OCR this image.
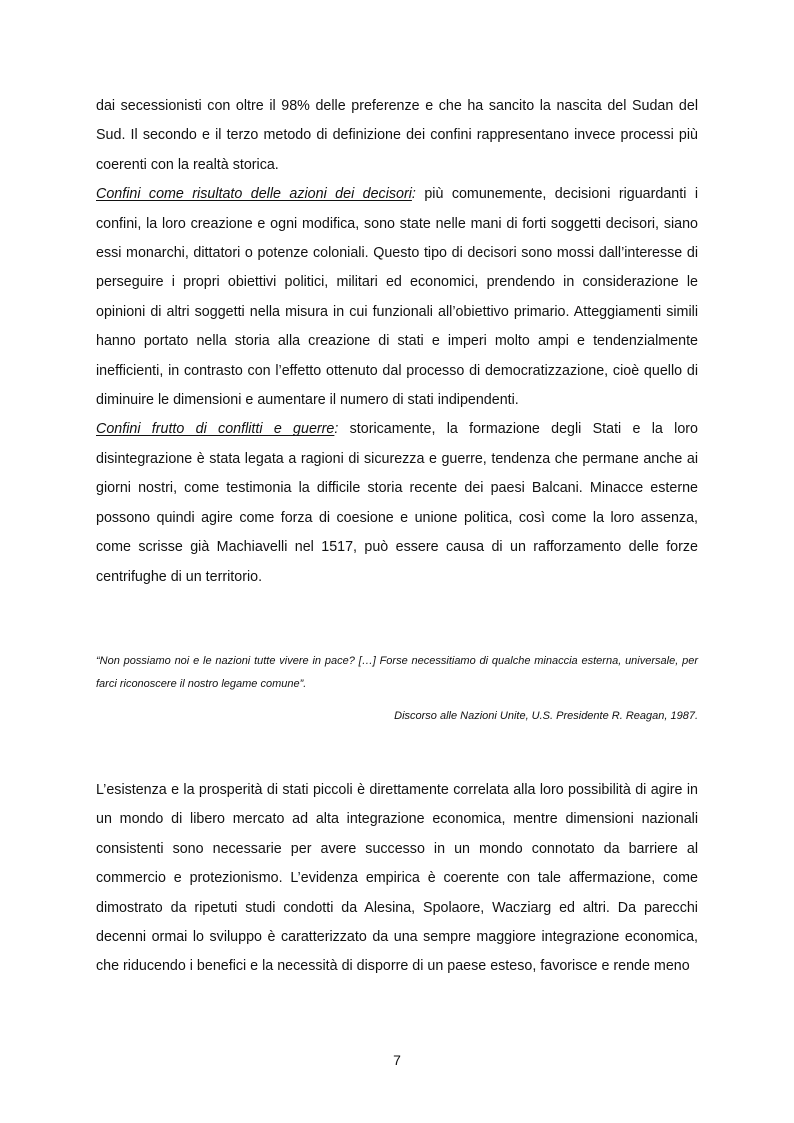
dai secessionisti con oltre il 98% delle preferenze e che ha sancito la nascita del Sudan del Sud. Il secondo e il terzo metodo di definizione dei confini rappresentano invece processi più coerenti con la realtà storica.

Confini come risultato delle azioni dei decisori: più comunemente, decisioni riguardanti i confini, la loro creazione e ogni modifica, sono state nelle mani di forti soggetti decisori, siano essi monarchi, dittatori o potenze coloniali. Questo tipo di decisori sono mossi dall’interesse di perseguire i propri obiettivi politici, militari ed economici, prendendo in considerazione le opinioni di altri soggetti nella misura in cui funzionali all’obiettivo primario. Atteggiamenti simili hanno portato nella storia alla creazione di stati e imperi molto ampi e tendenzialmente inefficienti, in contrasto con l’effetto ottenuto dal processo di democratizzazione, cioè quello di diminuire le dimensioni e aumentare il numero di stati indipendenti.

Confini frutto di conflitti e guerre: storicamente, la formazione degli Stati e la loro disintegrazione è stata legata a ragioni di sicurezza e guerre, tendenza che permane anche ai giorni nostri, come testimonia la difficile storia recente dei paesi Balcani. Minacce esterne possono quindi agire come forza di coesione e unione politica, così come la loro assenza, come scrisse già Machiavelli nel 1517, può essere causa di un rafforzamento delle forze centrifughe di un territorio.

“Non possiamo noi e le nazioni tutte vivere in pace? […] Forse necessitiamo di qualche minaccia esterna, universale, per farci riconoscere il nostro legame comune”.

Discorso alle Nazioni Unite, U.S. Presidente R. Reagan, 1987.

L’esistenza e la prosperità di stati piccoli è direttamente correlata alla loro possibilità di agire in un mondo di libero mercato ad alta integrazione economica, mentre dimensioni nazionali consistenti sono necessarie per avere successo in un mondo connotato da barriere al commercio e protezionismo. L’evidenza empirica è coerente con tale affermazione, come dimostrato da ripetuti studi condotti da Alesina, Spolaore, Wacziarg ed altri. Da parecchi decenni ormai lo sviluppo è caratterizzato da una sempre maggiore integrazione economica, che riducendo i benefici e la necessità di disporre di un paese esteso, favorisce e rende meno

7
